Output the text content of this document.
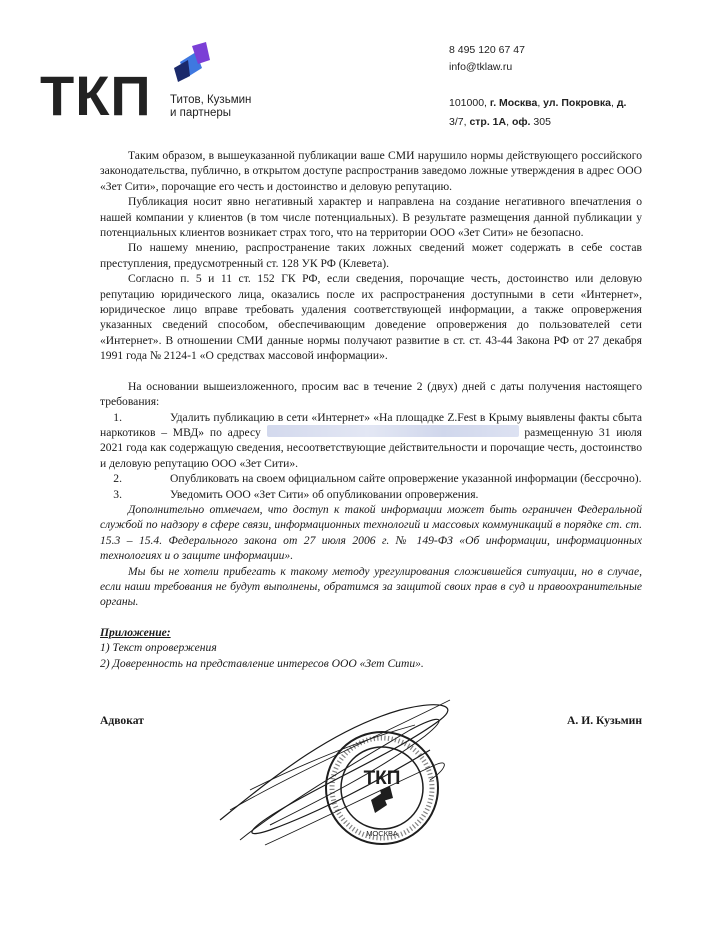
ТКП Титов, Кузьмин
и партнеры
8 495 120 67 47
info@tklaw.ru
101000, г. Москва, ул. Покровка, д.
3/7, стр. 1А, оф. 305

Таким образом, в вышеуказанной публикации ваше СМИ нарушило нормы действующего российского законодательства, публично, в открытом доступе распространив заведомо ложные утверждения в адрес ООО «Зет Сити», порочащие его честь и достоинство и деловую репутацию.

Публикация носит явно негативный характер и направлена на создание негативного впечатления о нашей компании у клиентов (в том числе потенциальных). В результате размещения данной публикации у потенциальных клиентов возникает страх того, что на территории ООО «Зет Сити» не безопасно.

По нашему мнению, распространение таких ложных сведений может содержать в себе состав преступления, предусмотренный ст. 128 УК РФ (Клевета).

Согласно п. 5 и 11 ст. 152 ГК РФ, если сведения, порочащие честь, достоинство или деловую репутацию юридического лица, оказались после их распространения доступными в сети «Интернет», юридическое лицо вправе требовать удаления соответствующей информации, а также опровержения указанных сведений способом, обеспечивающим доведение опровержения до пользователей сети «Интернет». В отношении СМИ данные нормы получают развитие в ст. ст. 43-44 Закона РФ от 27 декабря 1991 года № 2124-1 «О средствах массовой информации».

На основании вышеизложенного, просим вас в течение 2 (двух) дней с даты получения настоящего требования:

1.	Удалить публикацию в сети «Интернет» «На площадке Z.Fest в Крыму выявлены факты сбыта наркотиков – МВД» по адресу	размещенную 31 июля 2021 года как содержащую сведения, несоответствующие действительности и порочащие честь, достоинство и деловую репутацию ООО «Зет Сити».

2.	Опубликовать на своем официальном сайте опровержение указанной информации (бессрочно).

3.	Уведомить ООО «Зет Сити» об опубликовании опровержения.

Дополнительно отмечаем, что доступ к такой информации может быть ограничен Федеральной службой по надзору в сфере связи, информационных технологий и массовых коммуникаций в порядке ст. ст. 15.3 – 15.4. Федерального закона от 27 июля 2006 г. № 149-ФЗ «Об информации, информационных технологиях и о защите информации».

Мы бы не хотели прибегать к такому методу урегулирования сложившейся ситуации, но в случае, если наши требования не будут выполнены, обратимся за защитой своих прав в суд и правоохранительные органы.

Приложение:
1) Текст опровержения
2) Доверенность на представление интересов ООО «Зет Сити».
Адвокат	А. И. Кузьмин
ТКП
МОСКВА
